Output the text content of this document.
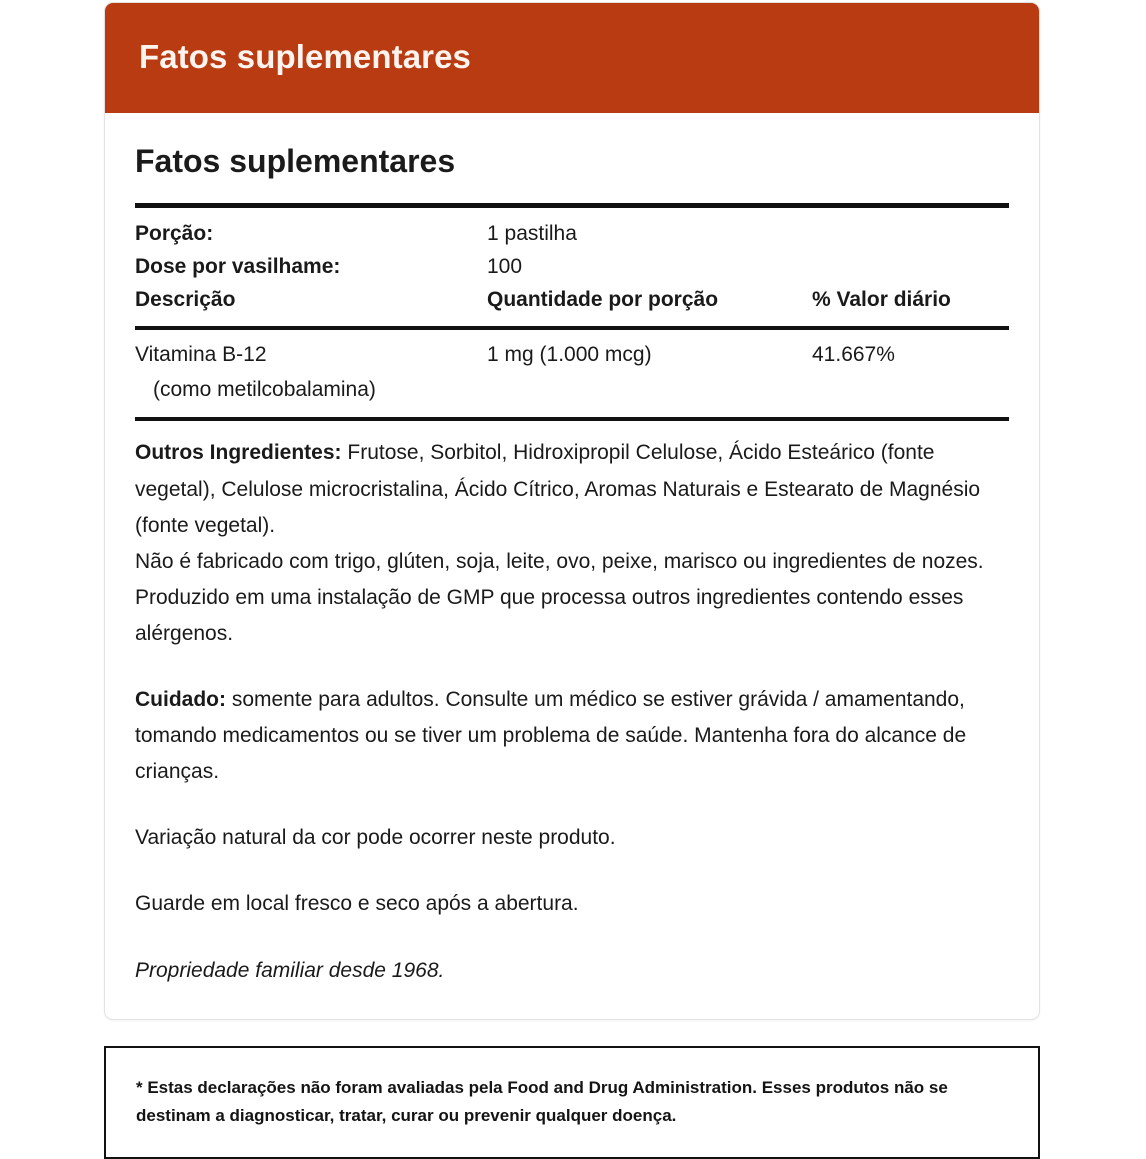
Fatos suplementares
Fatos suplementares
Porção:	1 pastilha
Dose por vasilhame:	100
Descrição	Quantidade por porção	% Valor diário
Vitamina B-12	1 mg (1.000 mcg)	41.667%
(como metilcobalamina)

Outros Ingredientes: Frutose, Sorbitol, Hidroxipropil Celulose, Ácido Esteárico (fonte vegetal), Celulose microcristalina, Ácido Cítrico, Aromas Naturais e Estearato de Magnésio (fonte vegetal).

Não é fabricado com trigo, glúten, soja, leite, ovo, peixe, marisco ou ingredientes de nozes. Produzido em uma instalação de GMP que processa outros ingredientes contendo esses alérgenos.

Cuidado: somente para adultos. Consulte um médico se estiver grávida / amamentando, tomando medicamentos ou se tiver um problema de saúde. Mantenha fora do alcance de crianças.

Variação natural da cor pode ocorrer neste produto.

Guarde em local fresco e seco após a abertura.

Propriedade familiar desde 1968.

* Estas declarações não foram avaliadas pela Food and Drug Administration. Esses produtos não se destinam a diagnosticar, tratar, curar ou prevenir qualquer doença.
